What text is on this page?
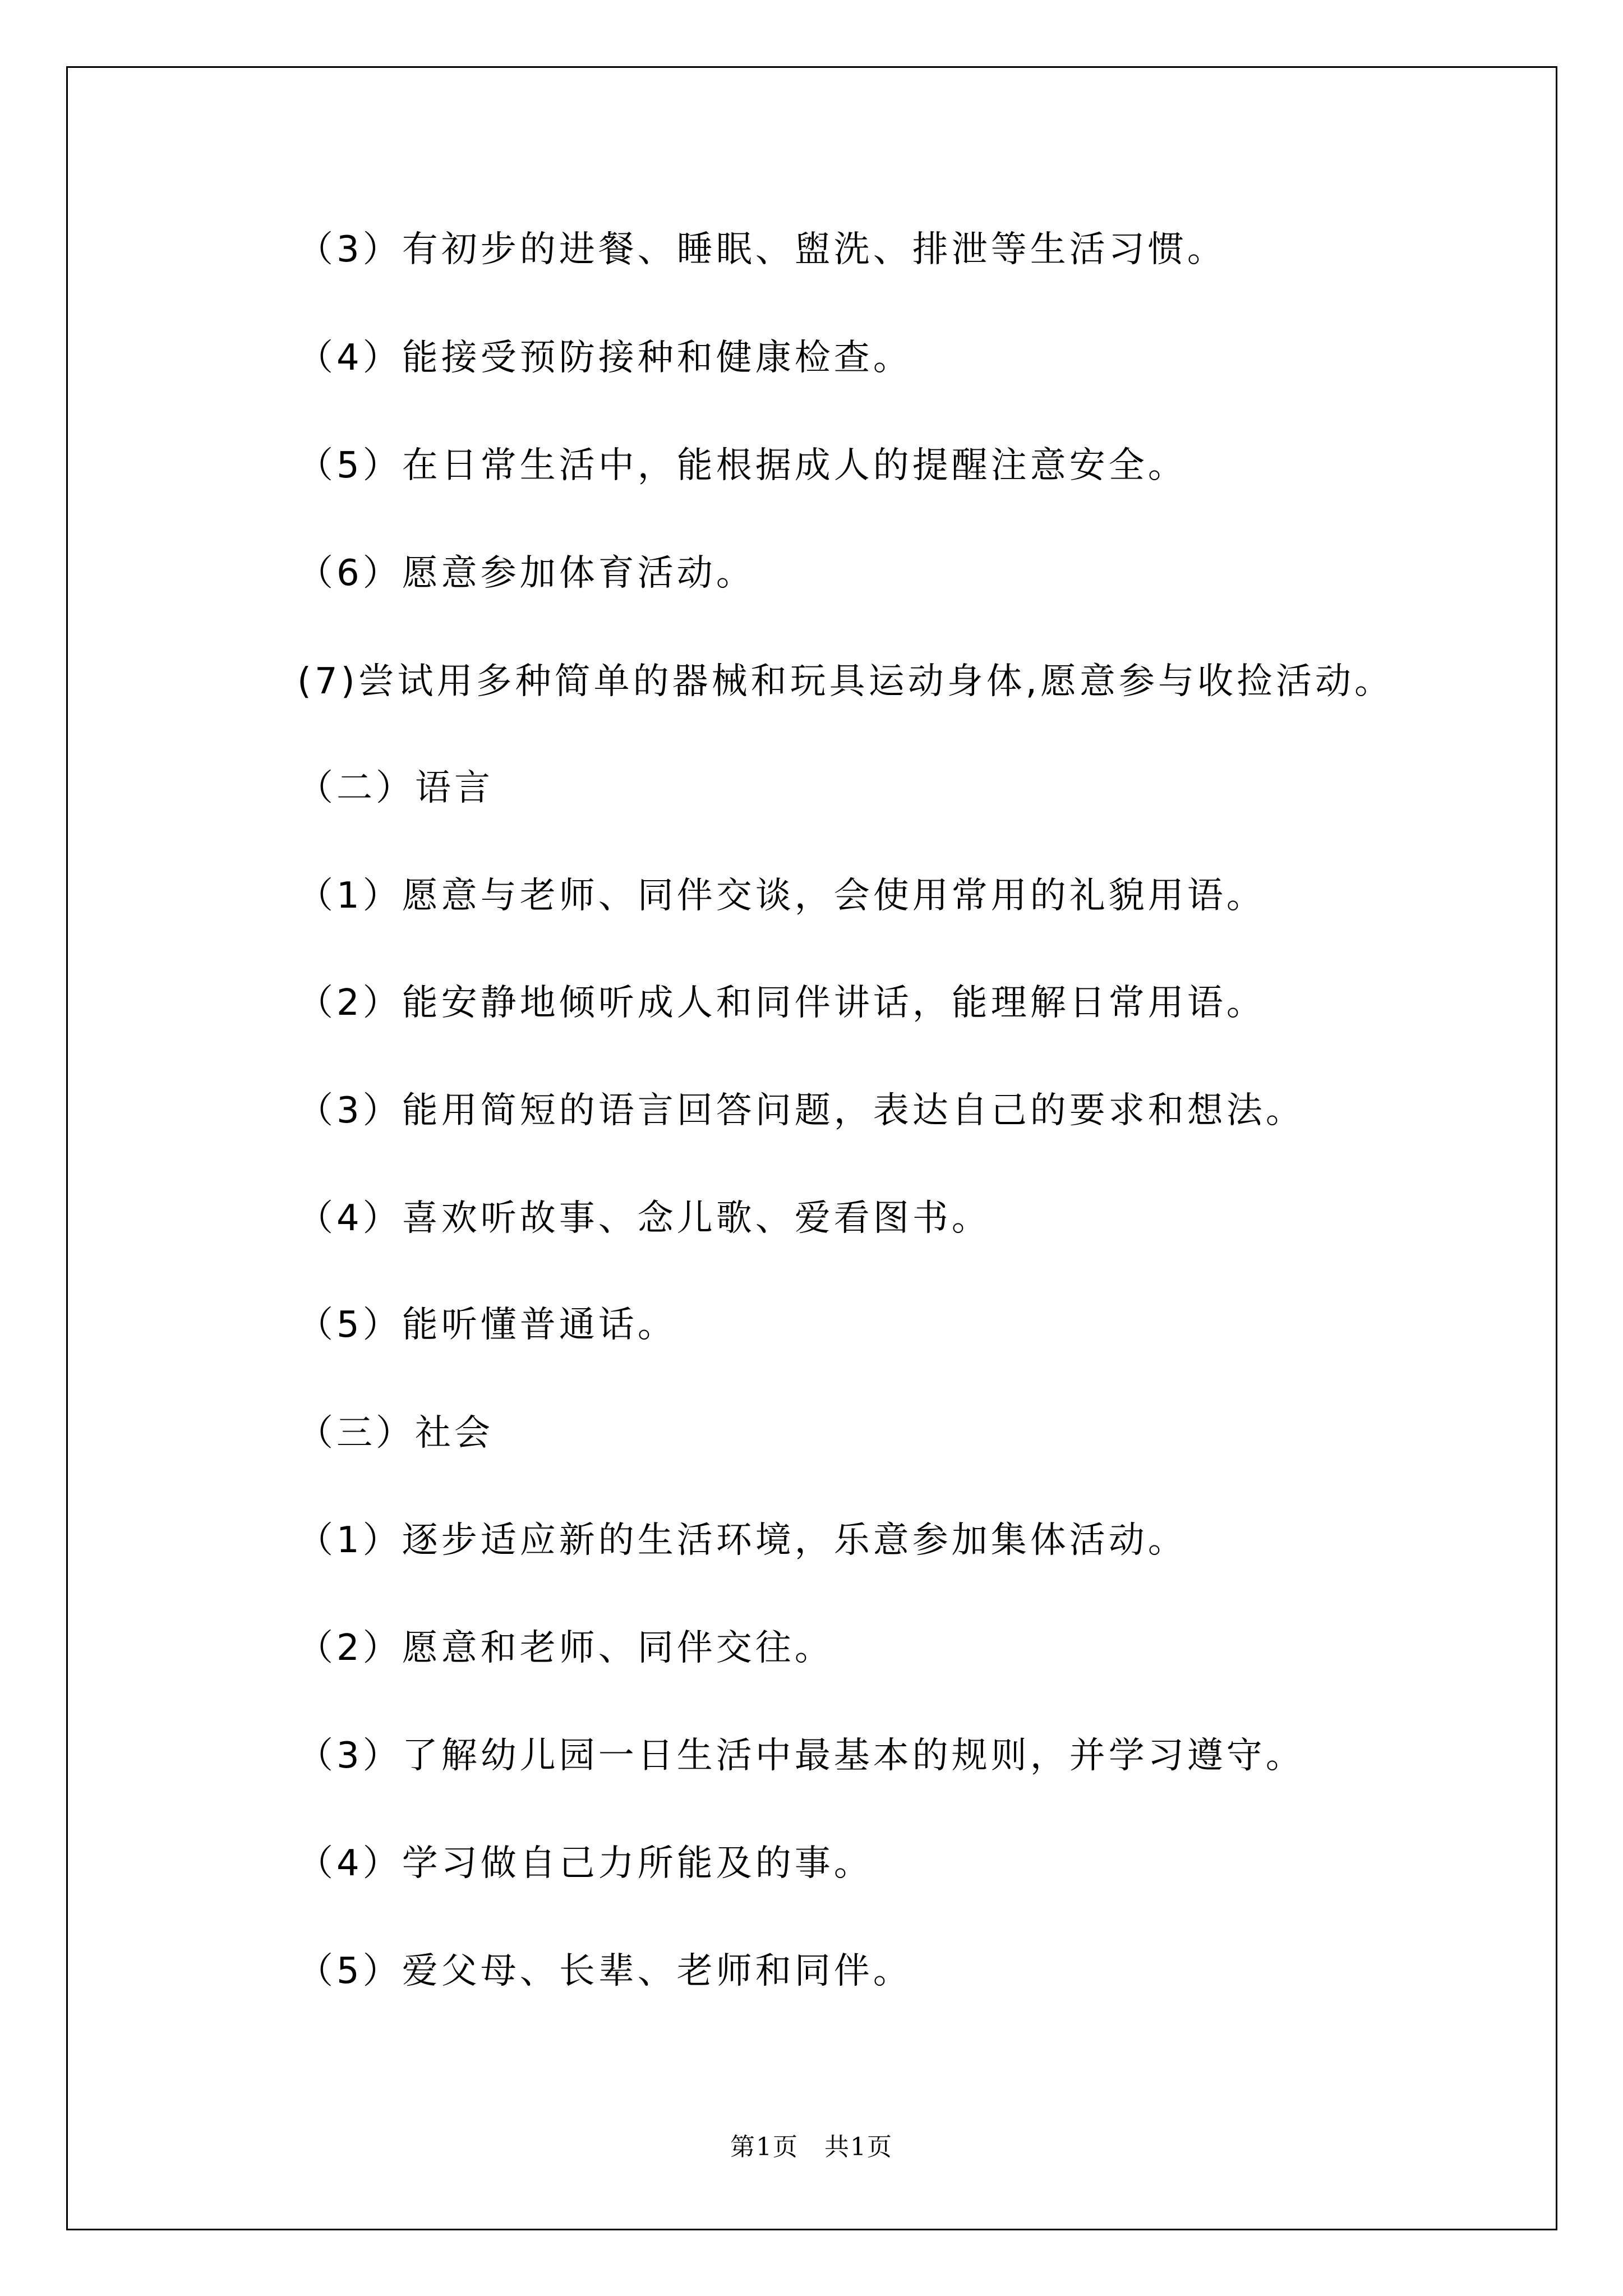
（3）有初步的进餐、睡眠、盥洗、排泄等生活习惯。
（4）能接受预防接种和健康检查。
（5）在日常生活中，能根据成人的提醒注意安全。
（6）愿意参加体育活动。
(7)尝试用多种简单的器械和玩具运动身体,愿意参与收捡活动。
（二）语言
（1）愿意与老师、同伴交谈，会使用常用的礼貌用语。
（2）能安静地倾听成人和同伴讲话，能理解日常用语。
（3）能用简短的语言回答问题，表达自己的要求和想法。
（4）喜欢听故事、念儿歌、爱看图书。
（5）能听懂普通话。
（三）社会
（1）逐步适应新的生活环境，乐意参加集体活动。
（2）愿意和老师、同伴交往。
（3）了解幼儿园一日生活中最基本的规则，并学习遵守。
（4）学习做自己力所能及的事。
（5）爱父母、长辈、老师和同伴。
第1页　共1页
